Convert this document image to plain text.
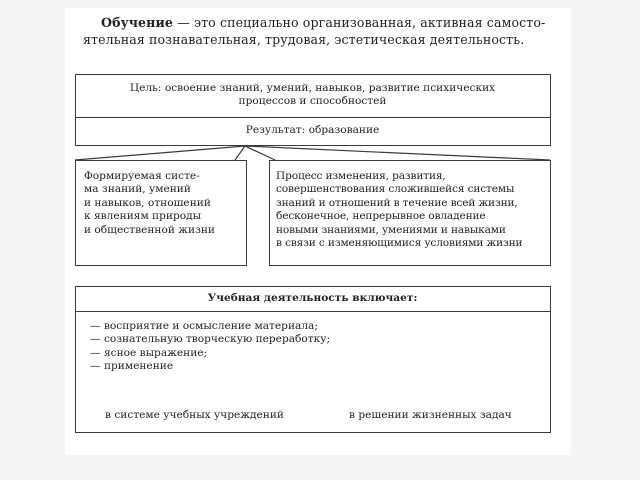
Обучение — это специально организованная, активная самосто-ятельная познавательная, трудовая, эстетическая деятельность.
Цель: освоение знаний, умений, навыков, развитие психических
процессов и способностей
Результат: образование
Формируемая систе-
ма знаний, умений
и навыков, отношений
к явлениям природы
и общественной жизни
Процесс изменения, развития,
совершенствования сложившейся системы
знаний и отношений в течение всей жизни,
бесконечное, непрерывное овладение
новыми знаниями, умениями и навыками
в связи с изменяющимися условиями жизни
Учебная деятельность включает:
— восприятие и осмысление материала;
— сознательную творческую переработку;
— ясное выражение;
— применение
в системе учебных учреждений	в решении жизненных задач
